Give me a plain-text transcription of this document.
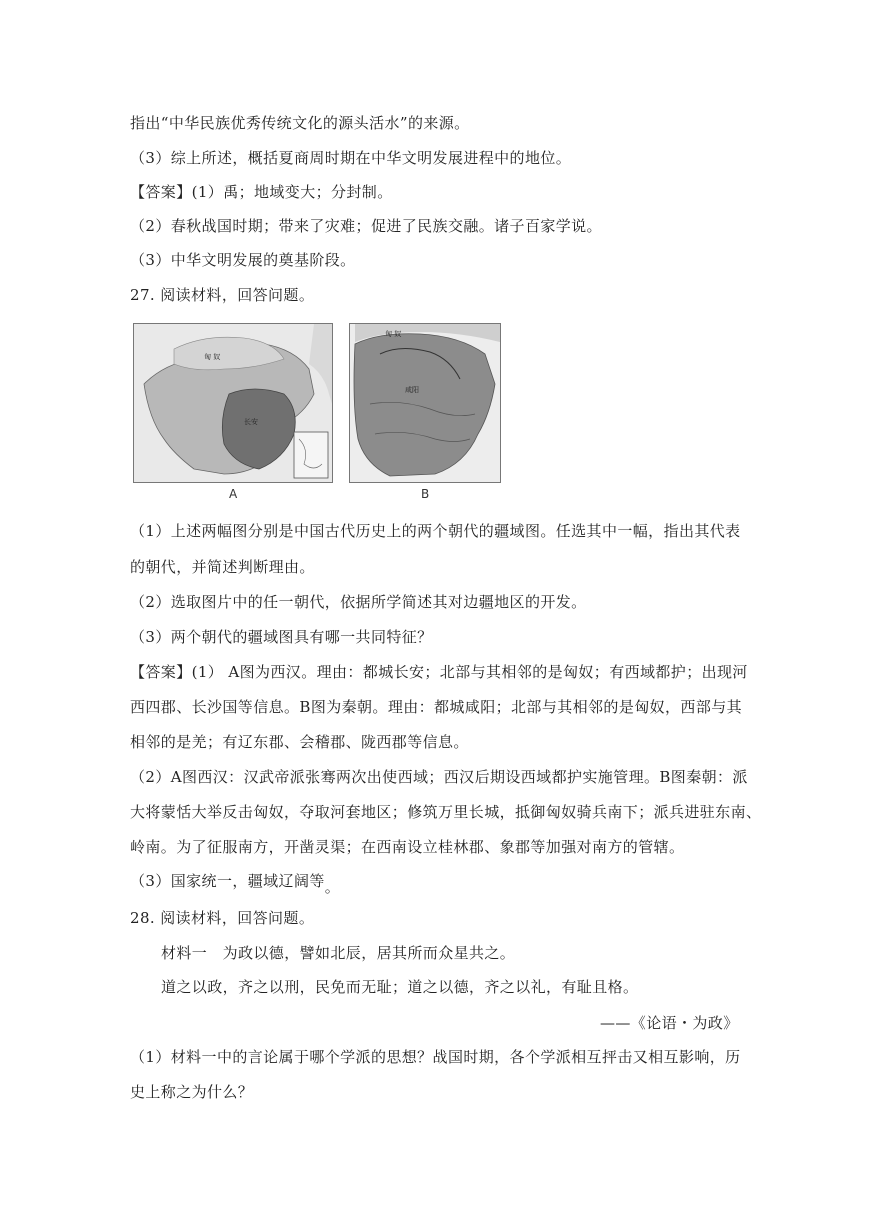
指出“中华民族优秀传统文化的源头活水”的来源。
（3）综上所述，概括夏商周时期在中华文明发展进程中的地位。
【答案】(1）禹；地域变大；分封制。
（2）春秋战国时期；带来了灾难；促进了民族交融。诸子百家学说。
（3）中华文明发展的奠基阶段。
27. 阅读材料，回答问题。
匈 奴
长安
A
匈 奴
咸阳
B
（1）上述两幅图分别是中国古代历史上的两个朝代的疆域图。任选其中一幅，指出其代表
的朝代，并简述判断理由。
（2）选取图片中的任一朝代，依据所学简述其对边疆地区的开发。
（3）两个朝代的疆域图具有哪一共同特征？
【答案】(1） A图为西汉。理由：都城长安；北部与其相邻的是匈奴；有西域都护；出现河
西四郡、长沙国等信息。B图为秦朝。理由：都城咸阳；北部与其相邻的是匈奴，西部与其
相邻的是羌；有辽东郡、会稽郡、陇西郡等信息。
（2）A图西汉：汉武帝派张骞两次出使西域；西汉后期设西域都护实施管理。B图秦朝：派
大将蒙恬大举反击匈奴，夺取河套地区；修筑万里长城，抵御匈奴骑兵南下；派兵进驻东南、
岭南。为了征服南方，开凿灵渠；在西南设立桂林郡、象郡等加强对南方的管辖。
（3）国家统一，疆域辽阔等。
28. 阅读材料，回答问题。
材料一　为政以德，譬如北辰，居其所而众星共之。
道之以政，齐之以刑，民免而无耻；道之以德，齐之以礼，有耻且格。
——《论语・为政》
（1）材料一中的言论属于哪个学派的思想？战国时期，各个学派相互抨击又相互影响，历
史上称之为什么？
